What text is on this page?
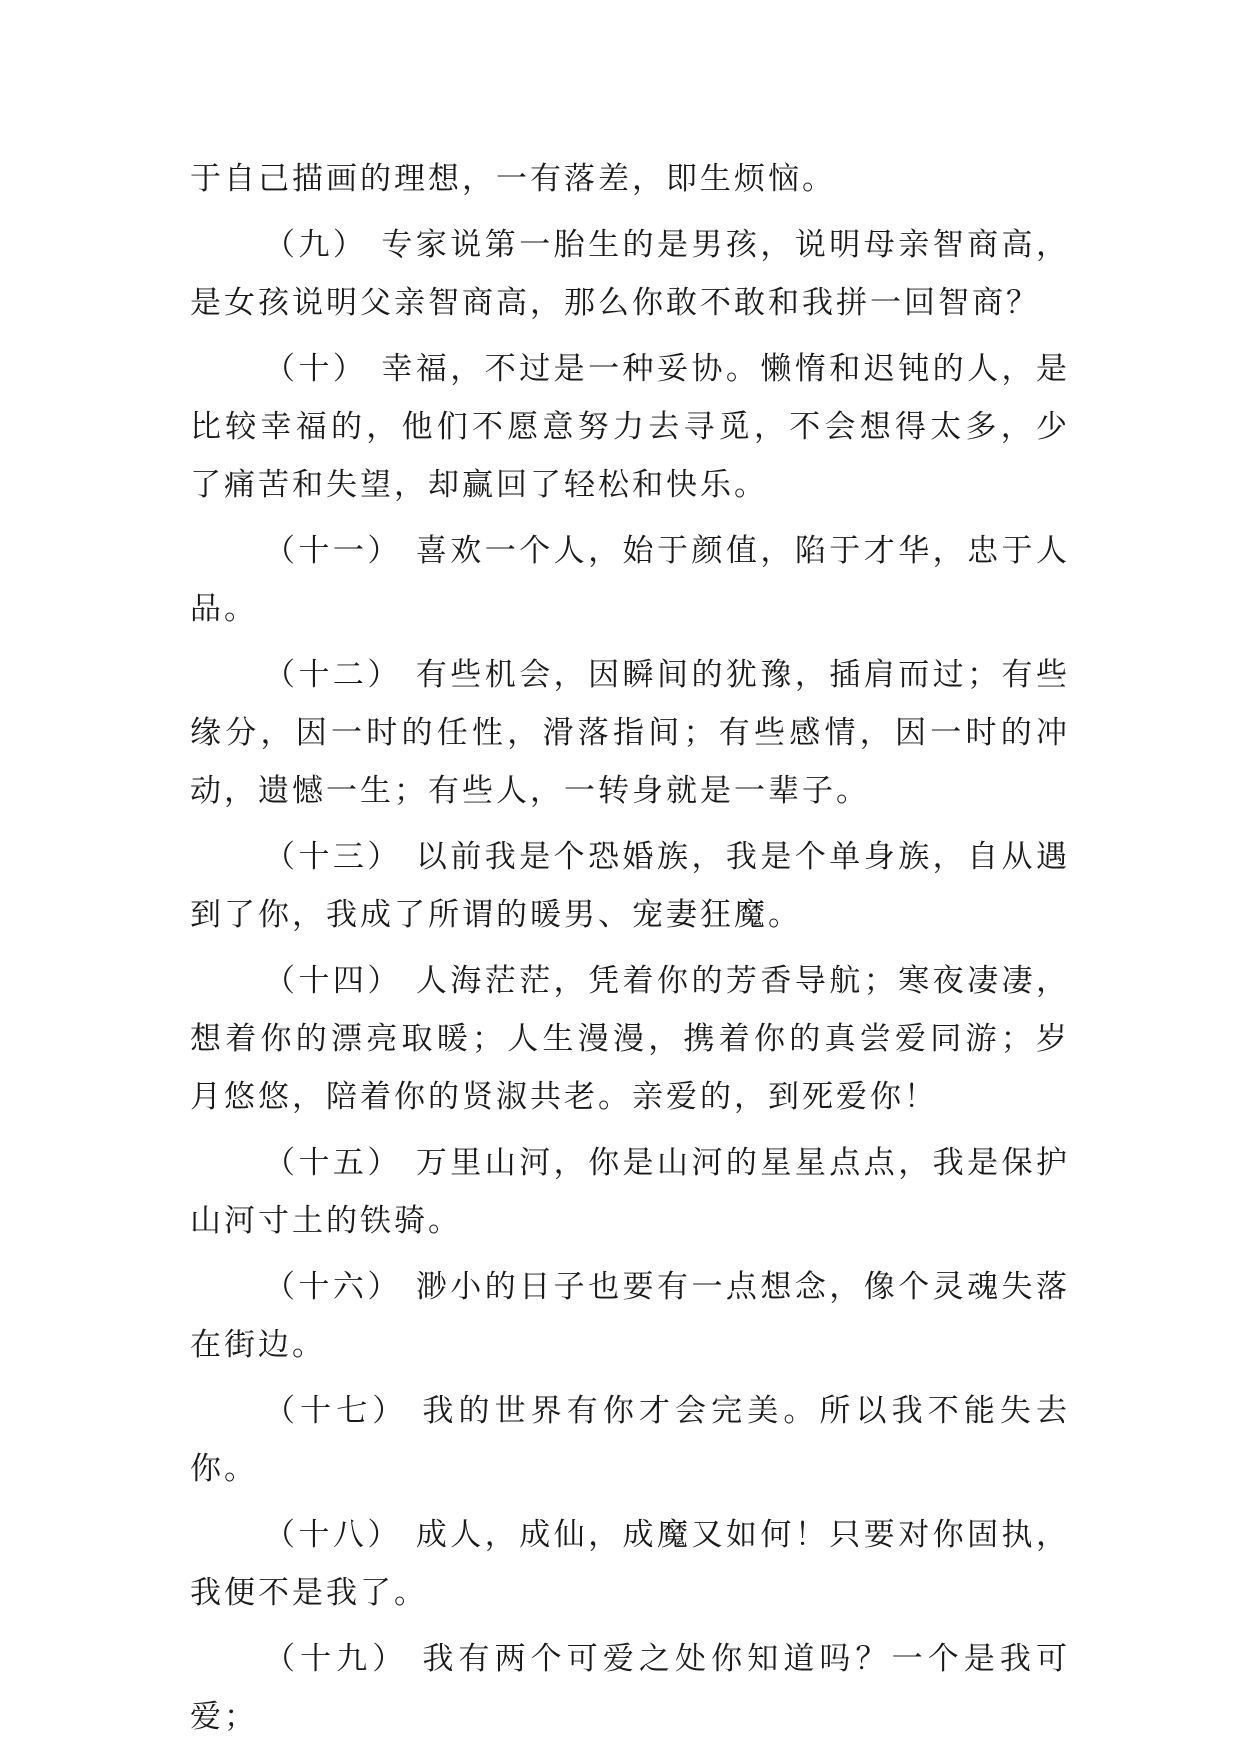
于自己描画的理想，一有落差，即生烦恼。

（九） 专家说第一胎生的是男孩，说明母亲智商高，是女孩说明父亲智商高，那么你敢不敢和我拼一回智商？

（十） 幸福，不过是一种妥协。懒惰和迟钝的人，是比较幸福的，他们不愿意努力去寻觅，不会想得太多，少了痛苦和失望，却赢回了轻松和快乐。

（十一） 喜欢一个人，始于颜值，陷于才华，忠于人品。

（十二） 有些机会，因瞬间的犹豫，插肩而过；有些缘分，因一时的任性，滑落指间；有些感情，因一时的冲动，遗憾一生；有些人，一转身就是一辈子。

（十三） 以前我是个恐婚族，我是个单身族，自从遇到了你，我成了所谓的暖男、宠妻狂魔。

（十四） 人海茫茫，凭着你的芳香导航；寒夜凄凄，想着你的漂亮取暖；人生漫漫，携着你的真尝爱同游；岁月悠悠，陪着你的贤淑共老。亲爱的，到死爱你！

（十五） 万里山河，你是山河的星星点点，我是保护山河寸土的铁骑。

（十六） 渺小的日子也要有一点想念，像个灵魂失落在街边。

（十七） 我的世界有你才会完美。所以我不能失去你。

（十八） 成人，成仙，成魔又如何！只要对你固执，我便不是我了。

（十九） 我有两个可爱之处你知道吗？一个是我可爱；
